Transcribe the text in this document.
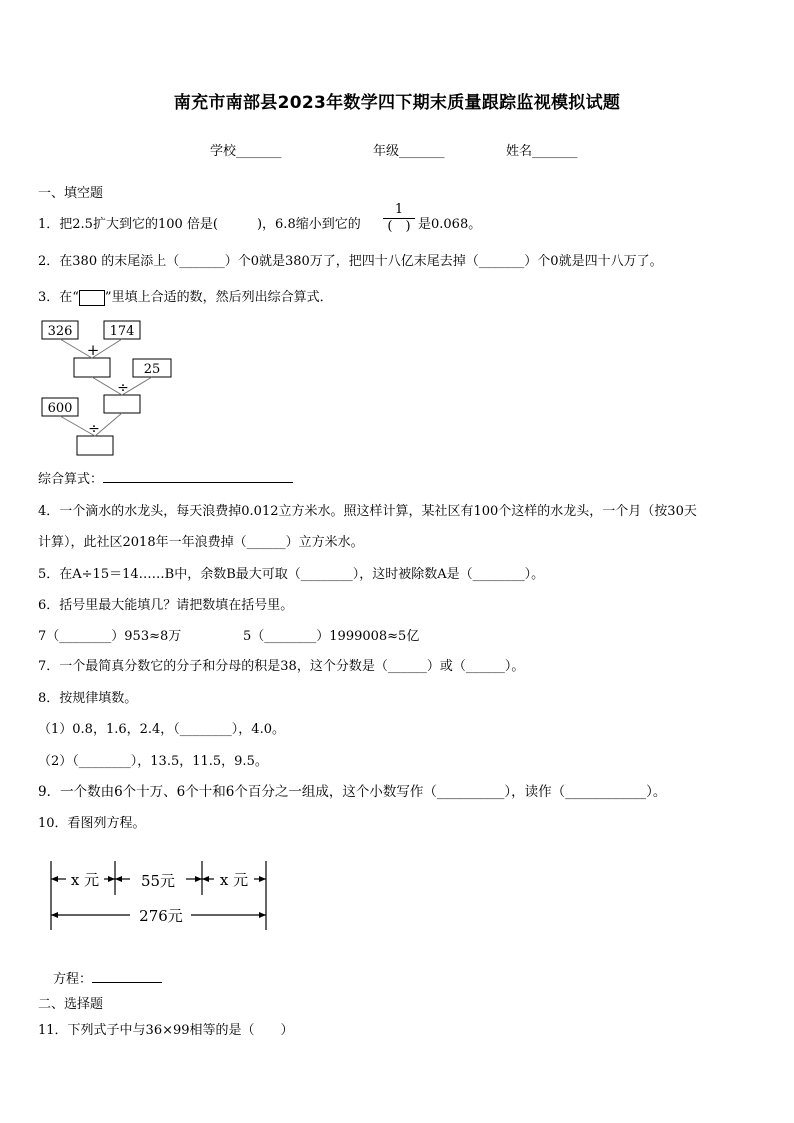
南充市南部县2023年数学四下期末质量跟踪监视模拟试题
学校_______	年级_______	姓名_______
一、填空题
1．把2.5扩大到它的100 倍是(　　　)，6.8缩小到它的
1
(　) 是0.068。
2．在380 的末尾添上（_______）个0就是380万了，把四十八亿末尾去掉（_______）个0就是四十八万了。
3．在“ ”里填上合适的数，然后列出综合算式．
326	174
25
600
+
÷
÷
综合算式：
4．一个滴水的水龙头，每天浪费掉0.012立方米水。照这样计算，某社区有100个这样的水龙头，一个月（按30天
计算），此社区2018年一年浪费掉（______）立方米水。
5．在A÷15＝14……B中，余数B最大可取（________），这时被除数A是（________）。
6．括号里最大能填几？请把数填在括号里。
7（________）953≈8万	5（________）1999008≈5亿
7．一个最简真分数它的分子和分母的积是38，这个分数是（______）或（______）。
8．按规律填数。
（1）0.8，1.6，2.4，（________），4.0。
（2）（________），13.5，11.5，9.5。
9．一个数由6个十万、6个十和6个百分之一组成，这个小数写作（__________），读作（____________）。
10．看图列方程。
x 元	55元	x 元
276元
方程：
二、选择题
11．下列式子中与36×99相等的是（　　）
